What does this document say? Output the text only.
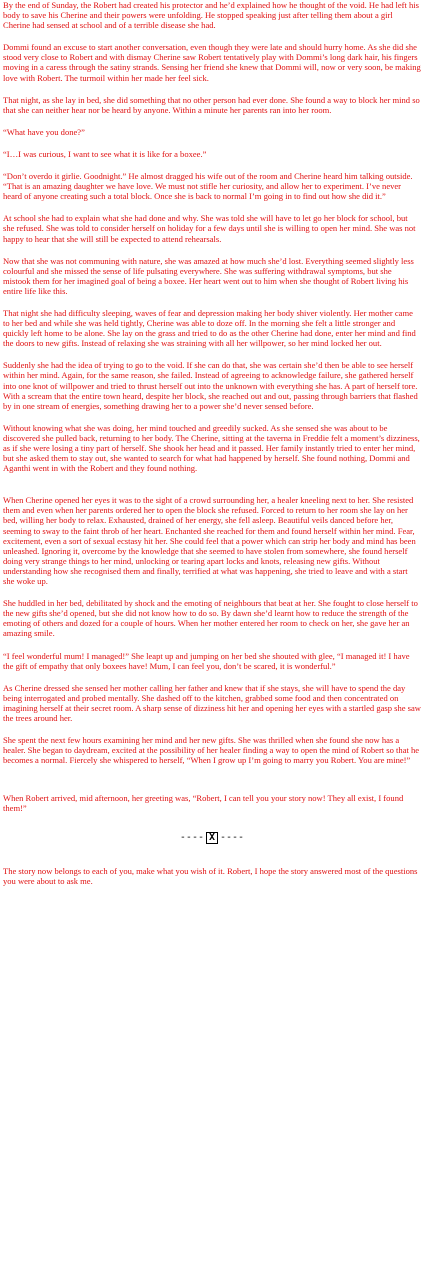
By the end of Sunday, the Robert had created his protector and he’d explained how he thought of the void. He had left his body to save his Cherine and their powers were unfolding. He stopped speaking just after telling them about a girl Cherine had sensed at school and of a terrible disease she had.

Dommi found an excuse to start another conversation, even though they were late and should hurry home. As she did she stood very close to Robert and with dismay Cherine saw Robert tentatively play with Dommi’s long dark hair, his fingers moving in a caress through the satiny strands. Sensing her friend she knew that Dommi will, now or very soon, be making love with Robert. The turmoil within her made her feel sick.

That night, as she lay in bed, she did something that no other person had ever done. She found a way to block her mind so that she can neither hear nor be heard by anyone. Within a minute her parents ran into her room.

“What have you done?”

“I…I was curious, I want to see what it is like for a boxee.”

“Don’t overdo it girlie. Goodnight.” He almost dragged his wife out of the room and Cherine heard him talking outside. “That is an amazing daughter we have love. We must not stifle her curiosity, and allow her to experiment. I’ve never heard of anyone creating such a total block. Once she is back to normal I’m going in to find out how she did it.”

At school she had to explain what she had done and why. She was told she will have to let go her block for school, but she refused. She was told to consider herself on holiday for a few days until she is willing to open her mind. She was not happy to hear that she will still be expected to attend rehearsals.

Now that she was not communing with nature, she was amazed at how much she’d lost. Everything seemed slightly less colourful and she missed the sense of life pulsating everywhere. She was suffering withdrawal symptoms, but she mistook them for her imagined goal of being a boxee. Her heart went out to him when she thought of Robert living his entire life like this.

That night she had difficulty sleeping, waves of fear and depression making her body shiver violently. Her mother came to her bed and while she was held tightly, Cherine was able to doze off. In the morning she felt a little stronger and quickly left home to be alone. She lay on the grass and tried to do as the other Cherine had done, enter her mind and find the doors to new gifts. Instead of relaxing she was straining with all her willpower, so her mind locked her out.

Suddenly she had the idea of trying to go to the void. If she can do that, she was certain she’d then be able to see herself within her mind. Again, for the same reason, she failed. Instead of agreeing to acknowledge failure, she gathered herself into one knot of willpower and tried to thrust herself out into the unknown with everything she has. A part of herself tore. With a scream that the entire town heard, despite her block, she reached out and out, passing through barriers that flashed by in one stream of energies, something drawing her to a power she’d never sensed before.

Without knowing what she was doing, her mind touched and greedily sucked. As she sensed she was about to be discovered she pulled back, returning to her body. The Cherine, sitting at the taverna in Freddie felt a moment’s dizziness, as if she were losing a tiny part of herself. She shook her head and it passed. Her family instantly tried to enter her mind, but she asked them to stay out, she wanted to search for what had happened by herself. She found nothing, Dommi and Aganthi went in with the Robert and they found nothing.

When Cherine opened her eyes it was to the sight of a crowd surrounding her, a healer kneeling next to her. She resisted them and even when her parents ordered her to open the block she refused. Forced to return to her room she lay on her bed, willing her body to relax. Exhausted, drained of her energy, she fell asleep. Beautiful veils danced before her, seeming to sway to the faint throb of her heart. Enchanted she reached for them and found herself within her mind. Fear, excitement, even a sort of sexual ecstasy hit her. She could feel that a power which can strip her body and mind has been unleashed. Ignoring it, overcome by the knowledge that she seemed to have stolen from somewhere, she found herself doing very strange things to her mind, unlocking or tearing apart locks and knots, releasing new gifts. Without understanding how she recognised them and finally, terrified at what was happening, she tried to leave and with a start she woke up.

She huddled in her bed, debilitated by shock and the emoting of neighbours that beat at her. She fought to close herself to the new gifts she’d opened, but she did not know how to do so. By dawn she’d learnt how to reduce the strength of the emoting of others and dozed for a couple of hours. When her mother entered her room to check on her, she gave her an amazing smile.

“I feel wonderful mum! I managed!” She leapt up and jumping on her bed she shouted with glee, “I managed it! I have the gift of empathy that only boxees have! Mum, I can feel you, don’t be scared, it is wonderful.”

As Cherine dressed she sensed her mother calling her father and knew that if she stays, she will have to spend the day being interrogated and probed mentally. She dashed off to the kitchen, grabbed some food and then concentrated on imagining herself at their secret room. A sharp sense of dizziness hit her and opening her eyes with a startled gasp she saw the trees around her.

She spent the next few hours examining her mind and her new gifts. She was thrilled when she found she now has a healer. She began to daydream, excited at the possibility of her healer finding a way to open the mind of Robert so that he becomes a normal. Fiercely she whispered to herself, “When I grow up I’m going to marry you Robert. You are mine!”

When Robert arrived, mid afternoon, her greeting was, “Robert, I can tell you your story now! They all exist, I found them!”

---- X ----

The story now belongs to each of you, make what you wish of it. Robert, I hope the story answered most of the questions you were about to ask me.
